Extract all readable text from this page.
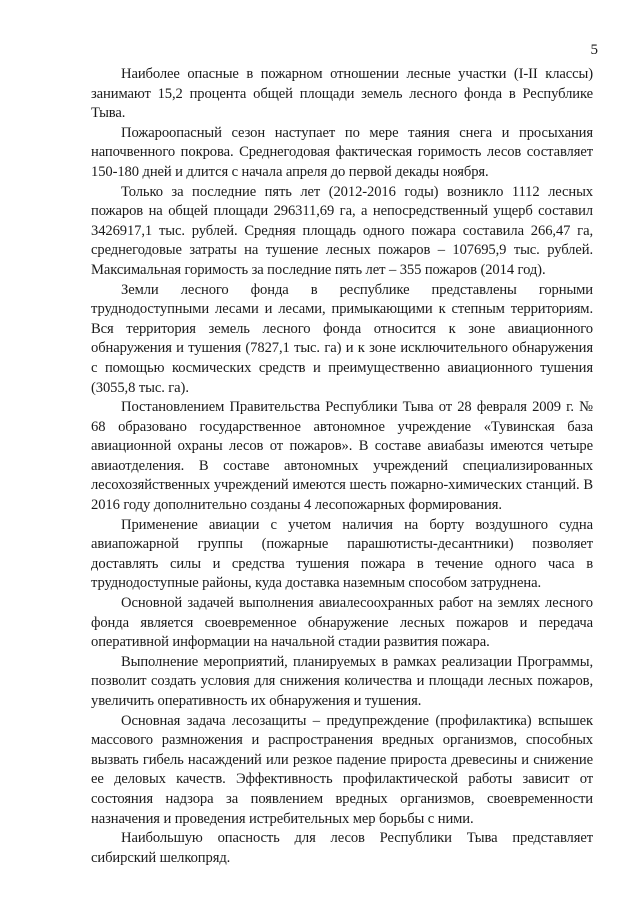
5

Наиболее опасные в пожарном отношении лесные участки (I-II классы) занимают 15,2 процента общей площади земель лесного фонда в Республике Тыва.

Пожароопасный сезон наступает по мере таяния снега и просыхания напочвенного покрова. Среднегодовая фактическая горимость лесов составляет 150-180 дней и длится с начала апреля до первой декады ноября.

Только за последние пять лет (2012-2016 годы) возникло 1112 лесных пожаров на общей площади 296311,69 га, а непосредственный ущерб составил 3426917,1 тыс. рублей. Средняя площадь одного пожара составила 266,47 га, среднегодовые затраты на тушение лесных пожаров – 107695,9 тыс. рублей. Максимальная горимость за последние пять лет – 355 пожаров (2014 год).

Земли лесного фонда в республике представлены горными труднодоступными лесами и лесами, примыкающими к степным территориям. Вся территория земель лесного фонда относится к зоне авиационного обнаружения и тушения (7827,1 тыс. га) и к зоне исключительного обнаружения с помощью космических средств и преимущественно авиационного тушения (3055,8 тыс. га).

Постановлением Правительства Республики Тыва от 28 февраля 2009 г. № 68 образовано государственное автономное учреждение «Тувинская база авиационной охраны лесов от пожаров». В составе авиабазы имеются четыре авиаотделения. В составе автономных учреждений специализированных лесохозяйственных учреждений имеются шесть пожарно-химических станций. В 2016 году дополнительно созданы 4 лесопожарных формирования.

Применение авиации с учетом наличия на борту воздушного судна авиапожарной группы (пожарные парашютисты-десантники) позволяет доставлять силы и средства тушения пожара в течение одного часа в труднодоступные районы, куда доставка наземным способом затруднена.

Основной задачей выполнения авиалесоохранных работ на землях лесного фонда является своевременное обнаружение лесных пожаров и передача оперативной информации на начальной стадии развития пожара.

Выполнение мероприятий, планируемых в рамках реализации Программы, позволит создать условия для снижения количества и площади лесных пожаров, увеличить оперативность их обнаружения и тушения.

Основная задача лесозащиты – предупреждение (профилактика) вспышек массового размножения и распространения вредных организмов, способных вызвать гибель насаждений или резкое падение прироста древесины и снижение ее деловых качеств. Эффективность профилактической работы зависит от состояния надзора за появлением вредных организмов, своевременности назначения и проведения истребительных мер борьбы с ними.

Наибольшую опасность для лесов Республики Тыва представляет сибирский шелкопряд.
